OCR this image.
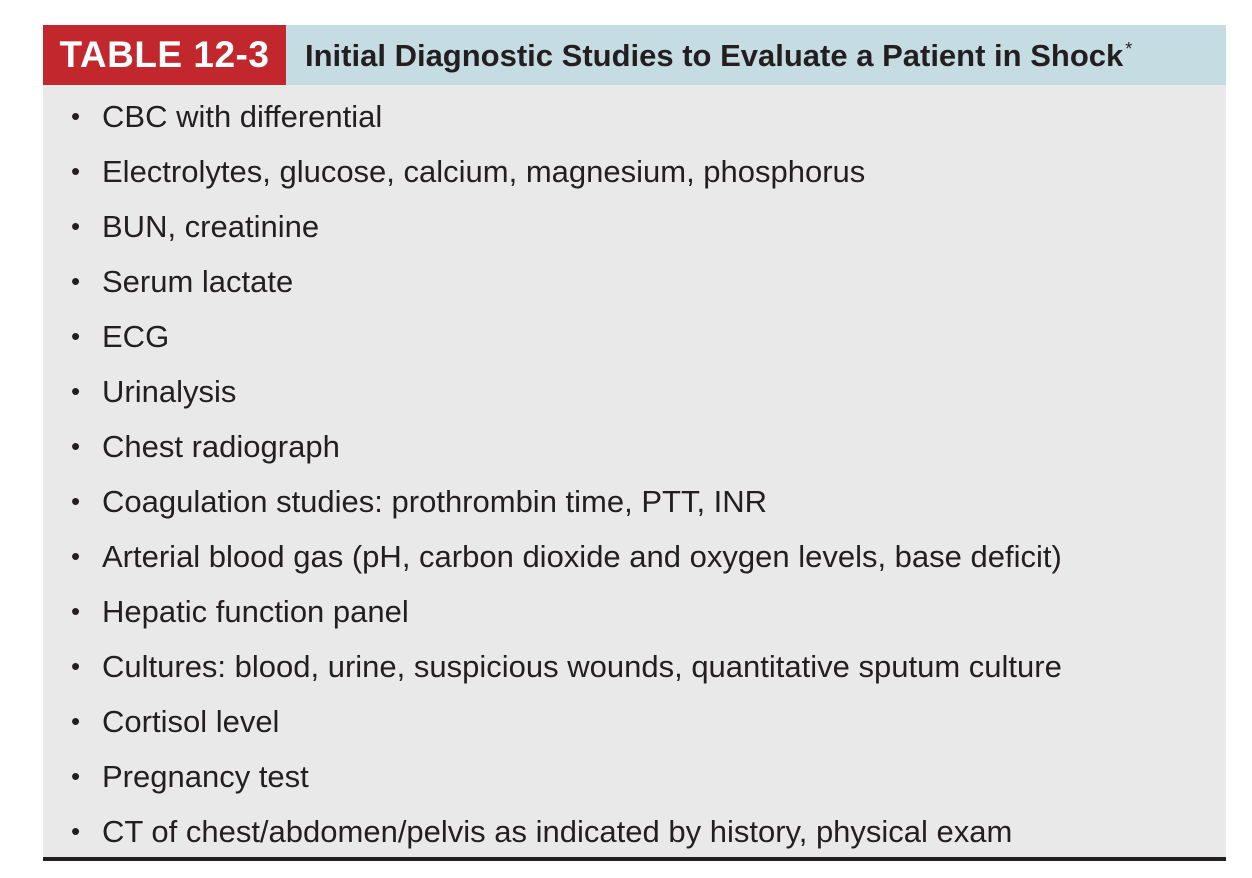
TABLE 12-3	Initial Diagnostic Studies to Evaluate a Patient in Shock *
• CBC with differential
• Electrolytes, glucose, calcium, magnesium, phosphorus
• BUN, creatinine
• Serum lactate
• ECG
• Urinalysis
• Chest radiograph
• Coagulation studies: prothrombin time, PTT, INR
• Arterial blood gas (pH, carbon dioxide and oxygen levels, base deficit)
• Hepatic function panel
• Cultures: blood, urine, suspicious wounds, quantitative sputum culture
• Cortisol level
• Pregnancy test
• CT of chest/abdomen/pelvis as indicated by history, physical exam
